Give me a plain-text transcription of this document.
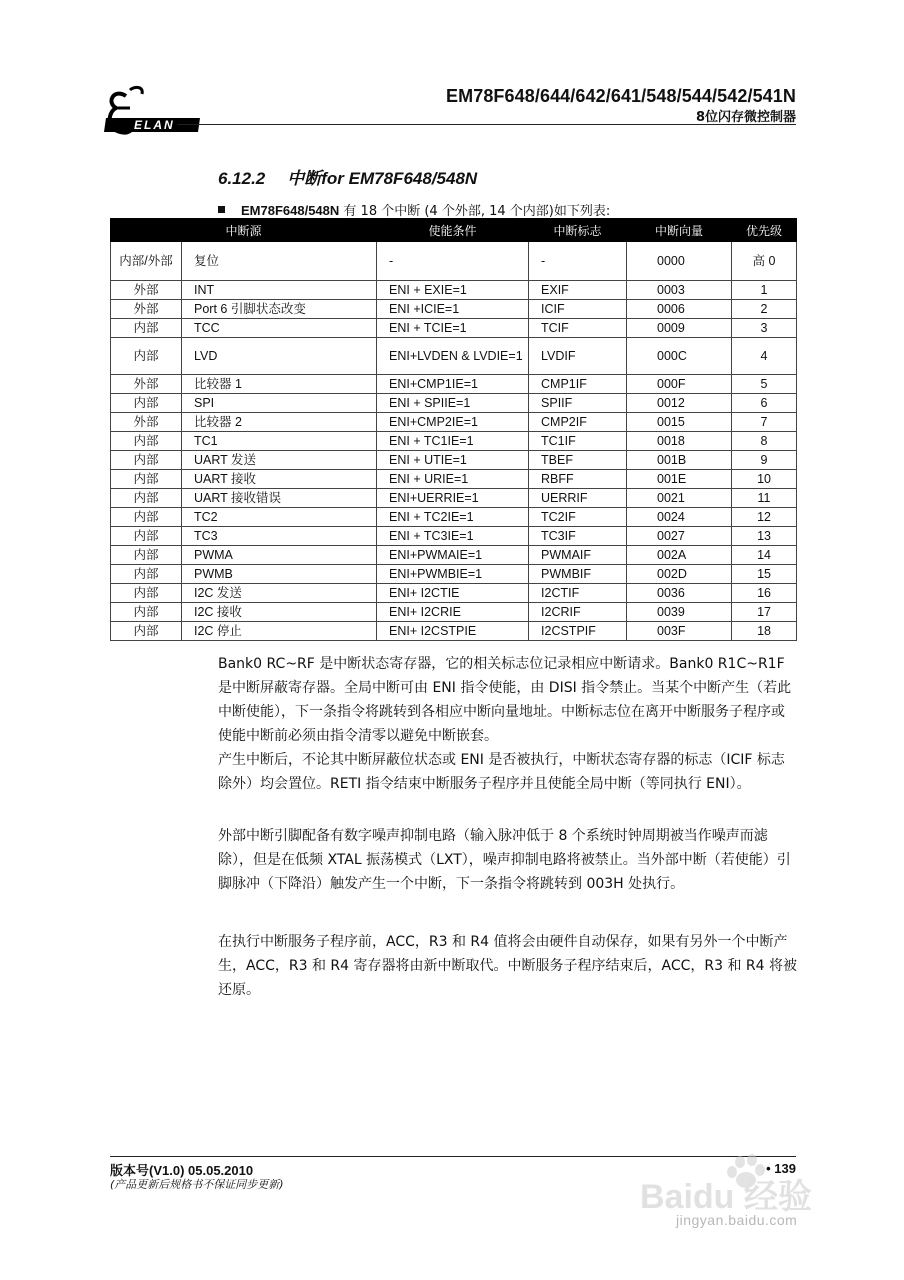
ELAN
EM78F648/644/642/641/548/544/542/541N
8位闪存微控制器
6.12.2 中断for EM78F648/548N
EM78F648/548N 有 18 个中断 (4 个外部, 14 个内部)如下列表:
中断源		使能条件	中断标志	中断向量	优先级
内部/外部	复位	-	-	0000	高 0
外部	INT	ENI + EXIE=1	EXIF	0003	1
外部	Port 6 引脚状态改变	ENI +ICIE=1	ICIF	0006	2
内部	TCC	ENI + TCIE=1	TCIF	0009	3
内部	LVD	ENI+LVDEN & LVDIE=1	LVDIF	000C	4
外部	比较器 1	ENI+CMP1IE=1	CMP1IF	000F	5
内部	SPI	ENI + SPIIE=1	SPIIF	0012	6
外部	比较器 2	ENI+CMP2IE=1	CMP2IF	0015	7
内部	TC1	ENI + TC1IE=1	TC1IF	0018	8
内部	UART 发送	ENI + UTIE=1	TBEF	001B	9
内部	UART 接收	ENI + URIE=1	RBFF	001E	10
内部	UART 接收错误	ENI+UERRIE=1	UERRIF	0021	11
内部	TC2	ENI + TC2IE=1	TC2IF	0024	12
内部	TC3	ENI + TC3IE=1	TC3IF	0027	13
内部	PWMA	ENI+PWMAIE=1	PWMAIF	002A	14
内部	PWMB	ENI+PWMBIE=1	PWMBIF	002D	15
内部	I2C 发送	ENI+ I2CTIE	I2CTIF	0036	16
内部	I2C 接收	ENI+ I2CRIE	I2CRIF	0039	17
内部	I2C 停止	ENI+ I2CSTPIE	I2CSTPIF	003F	18
Bank0 RC~RF 是中断状态寄存器，它的相关标志位记录相应中断请求。Bank0 R1C~R1F 是中断屏蔽寄存器。全局中断可由 ENI 指令使能，由 DISI 指令禁止。当某个中断产生（若此中断使能），下一条指令将跳转到各相应中断向量地址。中断标志位在离开中断服务子程序或使能中断前必须由指令清零以避免中断嵌套。
产生中断后，不论其中断屏蔽位状态或 ENI 是否被执行，中断状态寄存器的标志（ICIF 标志除外）均会置位。RETI 指令结束中断服务子程序并且使能全局中断（等同执行 ENI）。
外部中断引脚配备有数字噪声抑制电路（输入脉冲低于 8 个系统时钟周期被当作噪声而滤除），但是在低频 XTAL 振荡模式（LXT），噪声抑制电路将被禁止。当外部中断（若使能）引脚脉冲（下降沿）触发产生一个中断，下一条指令将跳转到 003H 处执行。
在执行中断服务子程序前，ACC，R3 和 R4 值将会由硬件自动保存，如果有另外一个中断产生，ACC，R3 和 R4 寄存器将由新中断取代。中断服务子程序结束后，ACC，R3 和 R4 将被还原。
版本号(V1.0) 05.05.2010
(产品更新后规格书不保证同步更新)
• 139
Baidu 经验
jingyan.baidu.com
